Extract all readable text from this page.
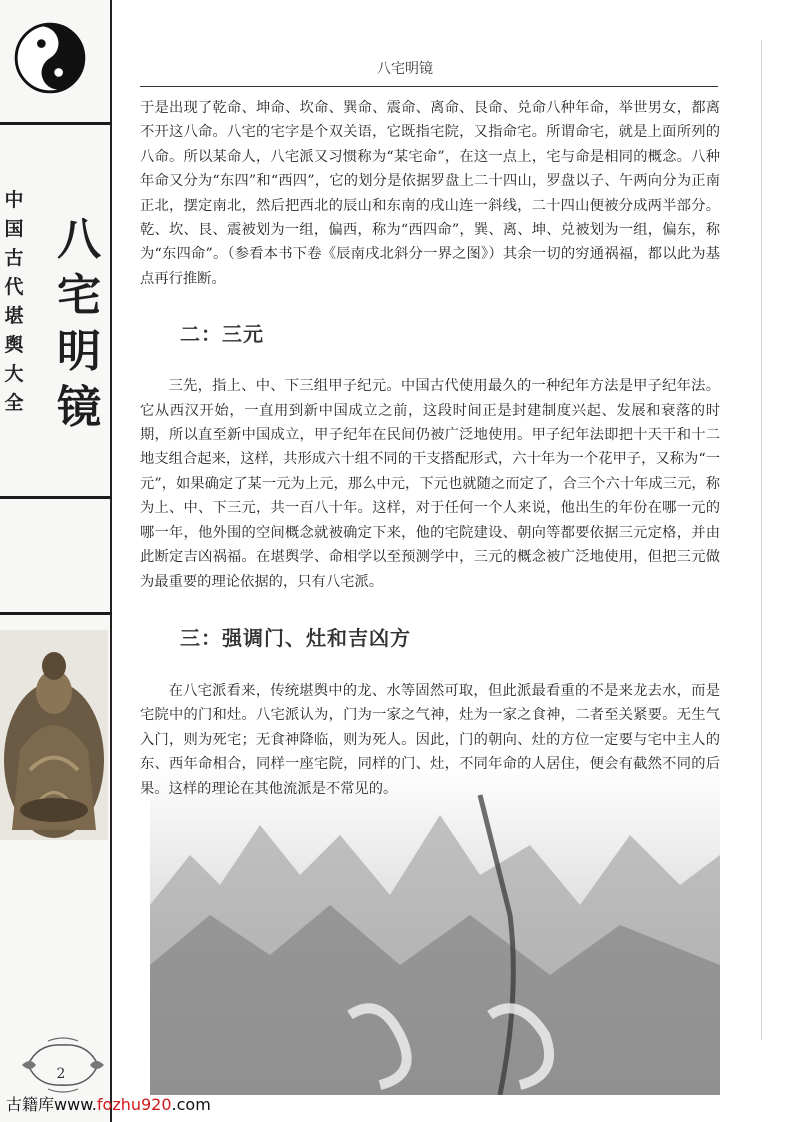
中国古代堪舆大全
八宅明镜
2
古籍库www.fozhu920.com
八宅明镜

于是出现了乾命、坤命、坎命、巽命、震命、离命、艮命、兑命八种年命，举世男女，都离不开这八命。八宅的宅字是个双关语，它既指宅院，又指命宅。所谓命宅，就是上面所列的八命。所以某命人，八宅派又习惯称为“某宅命”，在这一点上，宅与命是相同的概念。八种年命又分为“东四”和“西四”，它的划分是依据罗盘上二十四山，罗盘以子、午两向分为正南正北，摆定南北，然后把西北的辰山和东南的戌山连一斜线，二十四山便被分成两半部分。乾、坎、艮、震被划为一组，偏西，称为“西四命”，巽、离、坤、兑被划为一组，偏东，称为“东四命”。（参看本书下卷《辰南戌北斜分一界之图》）其余一切的穷通祸福，都以此为基点再行推断。

二：三元

三先，指上、中、下三组甲子纪元。中国古代使用最久的一种纪年方法是甲子纪年法。它从西汉开始，一直用到新中国成立之前，这段时间正是封建制度兴起、发展和衰落的时期，所以直至新中国成立，甲子纪年在民间仍被广泛地使用。甲子纪年法即把十天干和十二地支组合起来，这样，共形成六十组不同的干支搭配形式，六十年为一个花甲子，又称为“一元”，如果确定了某一元为上元，那么中元，下元也就随之而定了，合三个六十年成三元，称为上、中、下三元，共一百八十年。这样，对于任何一个人来说，他出生的年份在哪一元的哪一年，他外围的空间概念就被确定下来，他的宅院建设、朝向等都要依据三元定格，并由此断定吉凶祸福。在堪舆学、命相学以至预测学中，三元的概念被广泛地使用，但把三元做为最重要的理论依据的，只有八宅派。

三：强调门、灶和吉凶方

在八宅派看来，传统堪舆中的龙、水等固然可取，但此派最看重的不是来龙去水，而是宅院中的门和灶。八宅派认为，门为一家之气神，灶为一家之食神，二者至关紧要。无生气入门，则为死宅；无食神降临，则为死人。因此，门的朝向、灶的方位一定要与宅中主人的东、西年命相合，同样一座宅院，同样的门、灶，不同年命的人居住，便会有截然不同的后果。这样的理论在其他流派是不常见的。
